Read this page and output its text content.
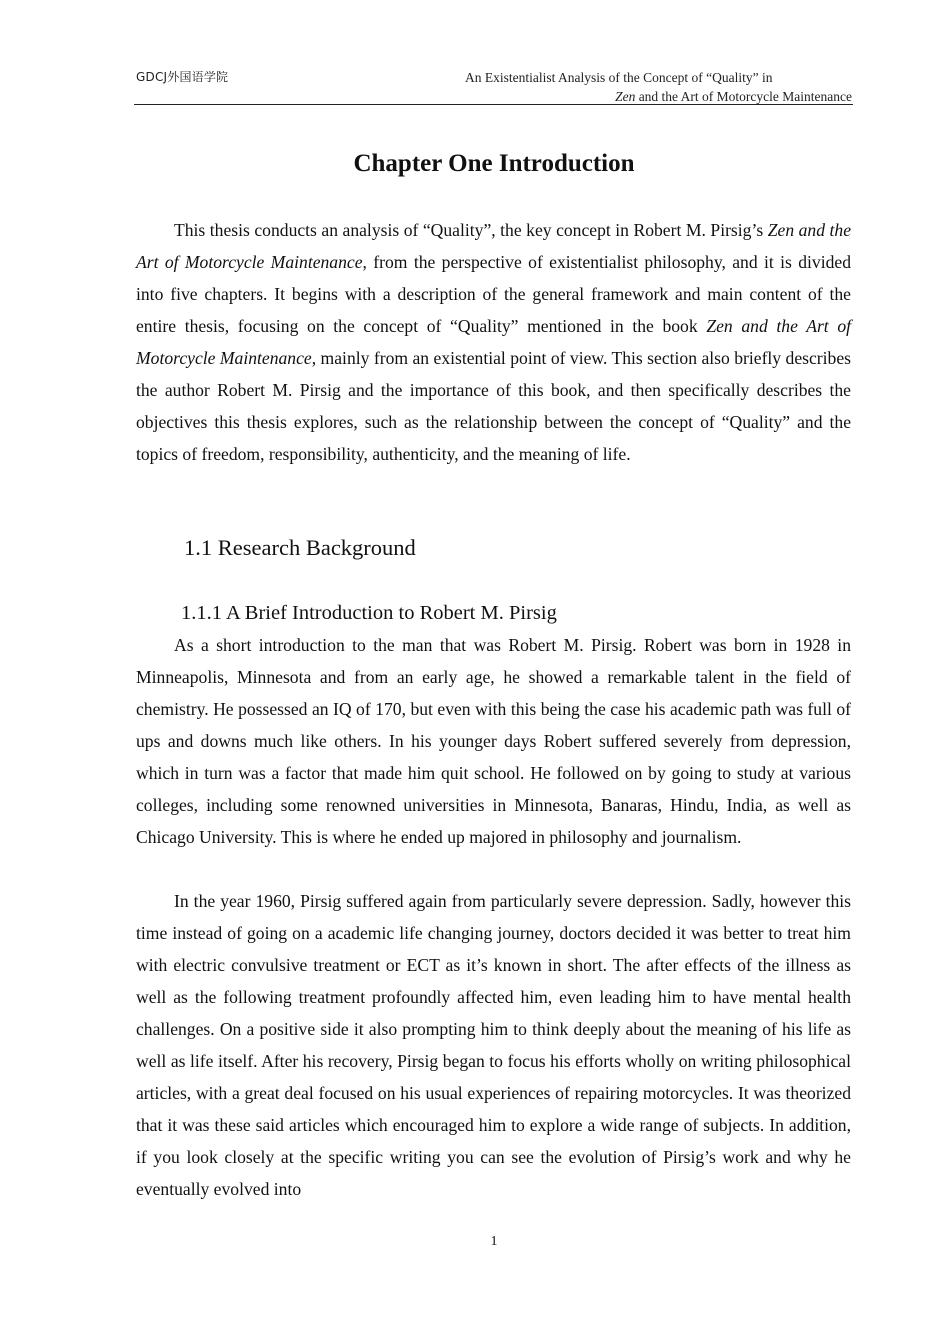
GDCJ外国语学院	An Existentialist Analysis of the Concept of “Quality” in
Zen and the Art of Motorcycle Maintenance
Chapter One Introduction

This thesis conducts an analysis of “Quality”, the key concept in Robert M. Pirsig’s Zen and the Art of Motorcycle Maintenance, from the perspective of existentialist philosophy, and it is divided into five chapters. It begins with a description of the general framework and main content of the entire thesis, focusing on the concept of “Quality” mentioned in the book Zen and the Art of Motorcycle Maintenance, mainly from an existential point of view. This section also briefly describes the author Robert M. Pirsig and the importance of this book, and then specifically describes the objectives this thesis explores, such as the relationship between the concept of “Quality” and the topics of freedom, responsibility, authenticity, and the meaning of life.

1.1 Research Background
1.1.1 A Brief Introduction to Robert M. Pirsig

As a short introduction to the man that was Robert M. Pirsig. Robert was born in 1928 in Minneapolis, Minnesota and from an early age, he showed a remarkable talent in the field of chemistry. He possessed an IQ of 170, but even with this being the case his academic path was full of ups and downs much like others. In his younger days Robert suffered severely from depression, which in turn was a factor that made him quit school. He followed on by going to study at various colleges, including some renowned universities in Minnesota, Banaras, Hindu, India, as well as Chicago University. This is where he ended up majored in philosophy and journalism.

In the year 1960, Pirsig suffered again from particularly severe depression. Sadly, however this time instead of going on a academic life changing journey, doctors decided it was better to treat him with electric convulsive treatment or ECT as it’s known in short. The after effects of the illness as well as the following treatment profoundly affected him, even leading him to have mental health challenges. On a positive side it also prompting him to think deeply about the meaning of his life as well as life itself. After his recovery, Pirsig began to focus his efforts wholly on writing philosophical articles, with a great deal focused on his usual experiences of repairing motorcycles. It was theorized that it was these said articles which encouraged him to explore a wide range of subjects. In addition, if you look closely at the specific writing you can see the evolution of Pirsig’s work and why he eventually evolved into

1
